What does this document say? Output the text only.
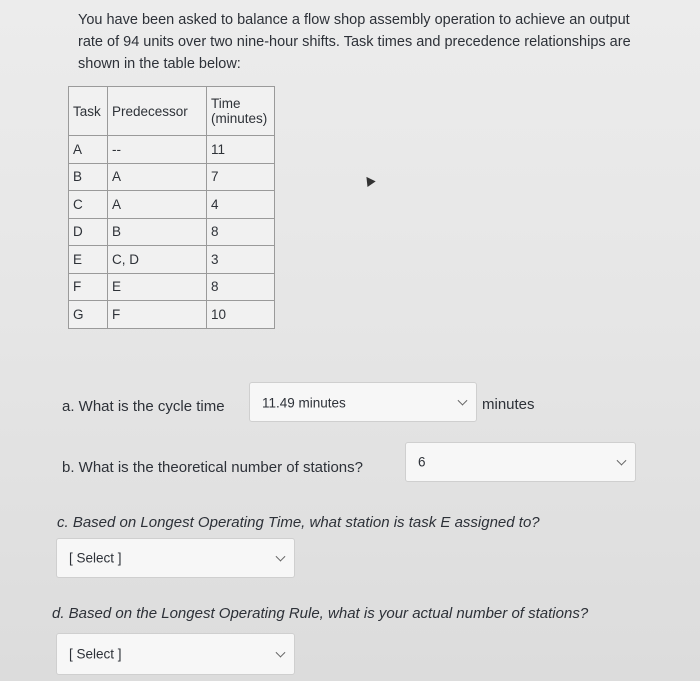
You have been asked to balance a flow shop assembly operation to achieve an output rate of 94 units over two nine-hour shifts. Task times and precedence relationships are shown in the table below:
Task	Predecessor	Time
(minutes)
A	--	11
B	A	7
C	A	4
D	B	8
E	C, D	3
F	E	8
G	F	10
a. What is the cycle time	11.49 minutes	minutes
b. What is the theoretical number of stations?	6
c. Based on Longest Operating Time, what station is task E assigned to?
[ Select ]
d. Based on the Longest Operating Rule, what is your actual number of stations?
[ Select ]
